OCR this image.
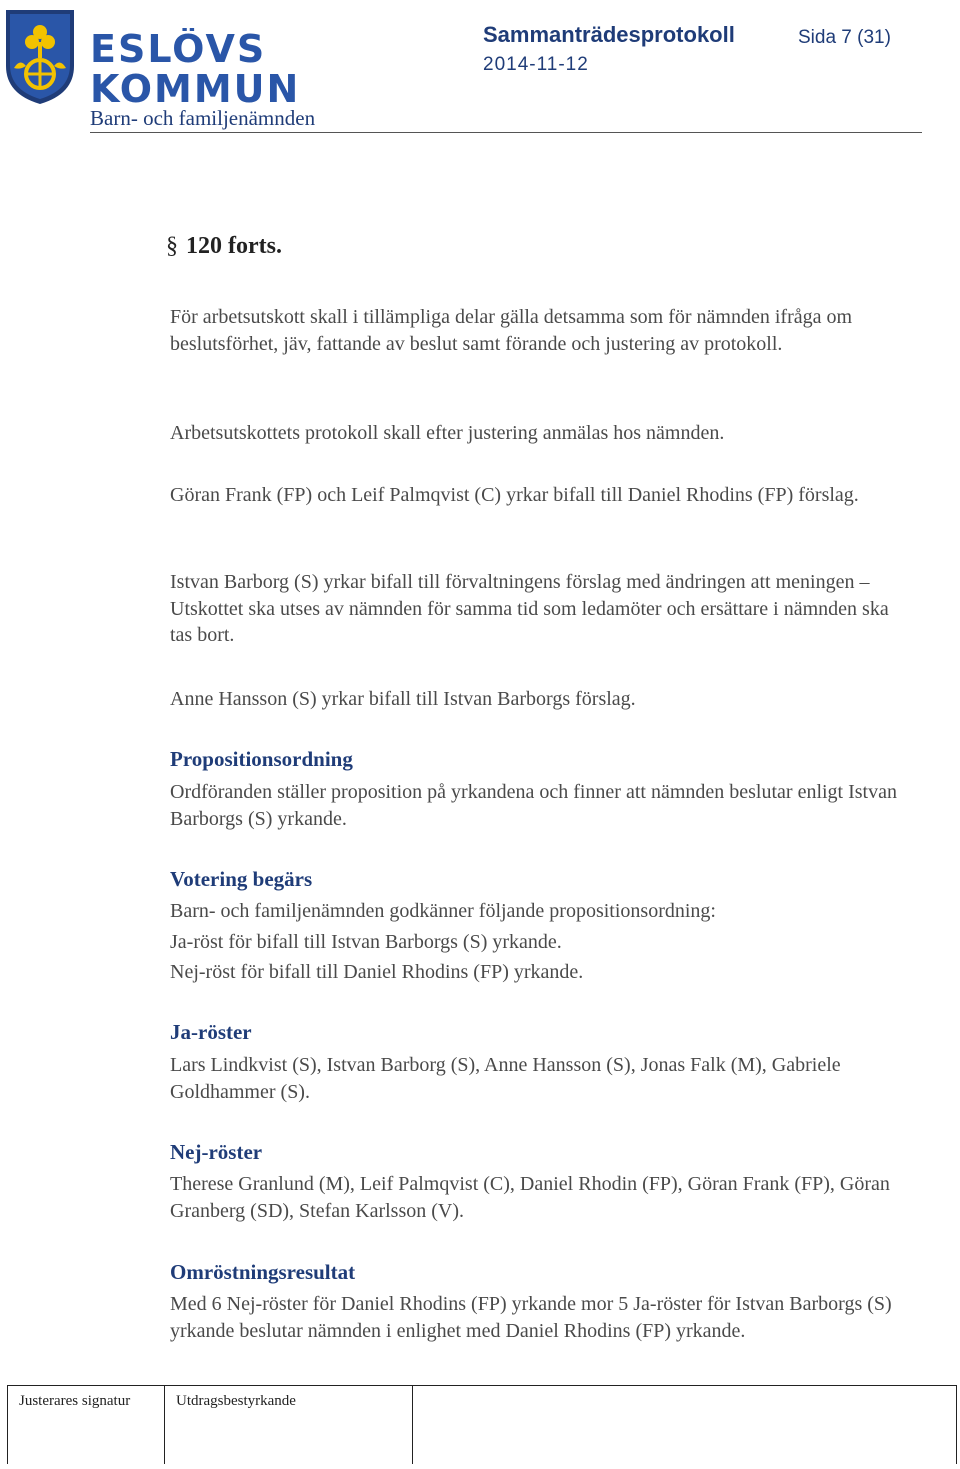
ESLÖVS
KOMMUN
Barn- och familjenämnden
Sammanträdesprotokoll	Sida 7 (31)
2014-11-12
§ 120 forts.
För arbetsutskott skall i tillämpliga delar gälla detsamma som för nämnden ifråga om beslutsförhet, jäv, fattande av beslut samt förande och justering av protokoll.
Arbetsutskottets protokoll skall efter justering anmälas hos nämnden.
Göran Frank (FP) och Leif Palmqvist (C) yrkar bifall till Daniel Rhodins (FP) förslag.
Istvan Barborg (S) yrkar bifall till förvaltningens förslag med ändringen att meningen – Utskottet ska utses av nämnden för samma tid som ledamöter och ersättare i nämnden ska tas bort.
Anne Hansson (S) yrkar bifall till Istvan Barborgs förslag.
Propositionsordning
Ordföranden ställer proposition på yrkandena och finner att nämnden beslutar enligt Istvan Barborgs (S) yrkande.
Votering begärs
Barn- och familjenämnden godkänner följande propositionsordning:
Ja-röst för bifall till Istvan Barborgs (S) yrkande.
Nej-röst för bifall till Daniel Rhodins (FP) yrkande.
Ja-röster
Lars Lindkvist (S), Istvan Barborg (S), Anne Hansson (S), Jonas Falk (M), Gabriele Goldhammer (S).
Nej-röster
Therese Granlund (M), Leif Palmqvist (C), Daniel Rhodin (FP), Göran Frank (FP), Göran Granberg (SD), Stefan Karlsson (V).
Omröstningsresultat
Med 6 Nej-röster för Daniel Rhodins (FP) yrkande mor 5 Ja-röster för Istvan Barborgs (S) yrkande beslutar nämnden i enlighet med Daniel Rhodins (FP) yrkande.
Justerares signatur	Utdragsbestyrkande
